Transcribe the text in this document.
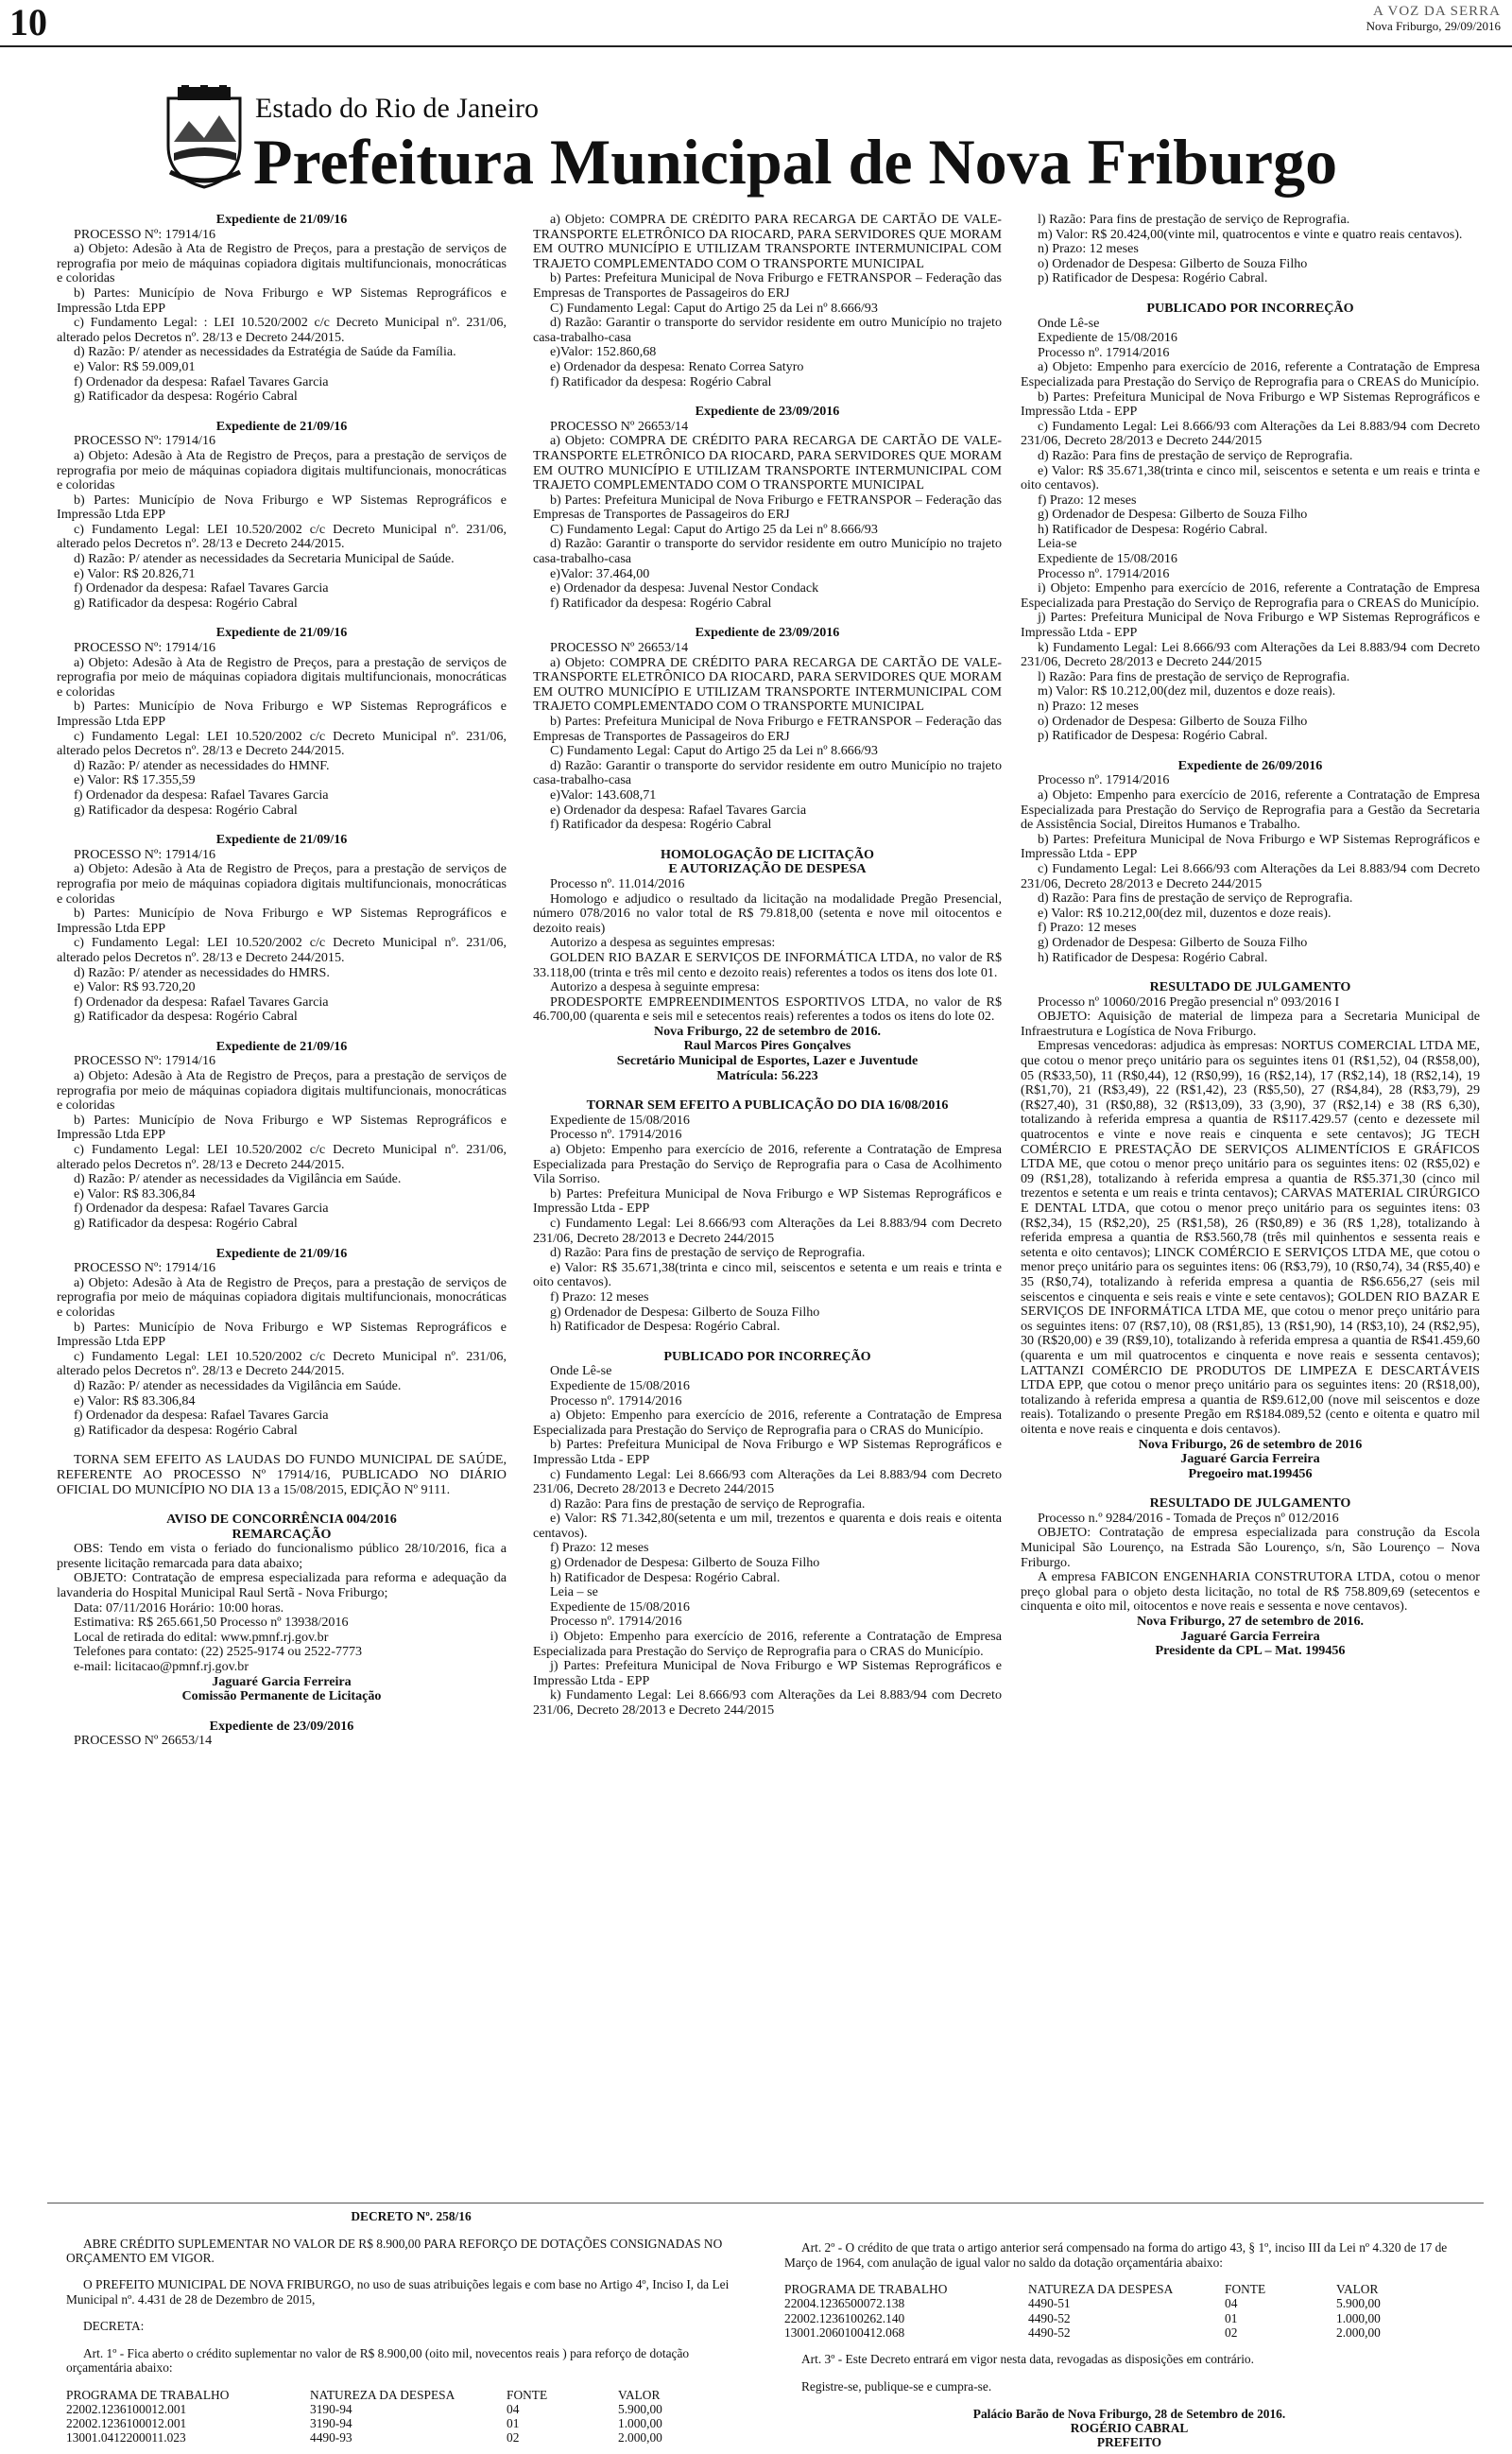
10	A VOZ DA SERRA
Nova Friburgo, 29/09/2016
Estado do Rio de Janeiro
Prefeitura Municipal de Nova Friburgo

Expediente de 21/09/16

PROCESSO Nº: 17914/16

a) Objeto: Adesão à Ata de Registro de Preços, para a prestação de serviços de reprografia por meio de máquinas copiadora digitais multifuncionais, monocráticas e coloridas

b) Partes: Município de Nova Friburgo e WP Sistemas Reprográficos e Impressão Ltda EPP

c) Fundamento Legal: : LEI 10.520/2002 c/c Decreto Municipal nº. 231/06, alterado pelos Decretos nº. 28/13 e Decreto 244/2015.

d) Razão: P/ atender as necessidades da Estratégia de Saúde da Família.

e) Valor: R$ 59.009,01

f) Ordenador da despesa: Rafael Tavares Garcia

g) Ratificador da despesa: Rogério Cabral

Expediente de 21/09/16

PROCESSO Nº: 17914/16

a) Objeto: Adesão à Ata de Registro de Preços, para a prestação de serviços de reprografia por meio de máquinas copiadora digitais multifuncionais, monocráticas e coloridas

b) Partes: Município de Nova Friburgo e WP Sistemas Reprográficos e Impressão Ltda EPP

c) Fundamento Legal: LEI 10.520/2002 c/c Decreto Municipal nº. 231/06, alterado pelos Decretos nº. 28/13 e Decreto 244/2015.

d) Razão: P/ atender as necessidades da Secretaria Municipal de Saúde.

e) Valor: R$ 20.826,71

f) Ordenador da despesa: Rafael Tavares Garcia

g) Ratificador da despesa: Rogério Cabral

Expediente de 21/09/16

PROCESSO Nº: 17914/16

a) Objeto: Adesão à Ata de Registro de Preços, para a prestação de serviços de reprografia por meio de máquinas copiadora digitais multifuncionais, monocráticas e coloridas

b) Partes: Município de Nova Friburgo e WP Sistemas Reprográficos e Impressão Ltda EPP

c) Fundamento Legal: LEI 10.520/2002 c/c Decreto Municipal nº. 231/06, alterado pelos Decretos nº. 28/13 e Decreto 244/2015.

d) Razão: P/ atender as necessidades do HMNF.

e) Valor: R$ 17.355,59

f) Ordenador da despesa: Rafael Tavares Garcia

g) Ratificador da despesa: Rogério Cabral

Expediente de 21/09/16

PROCESSO Nº: 17914/16

a) Objeto: Adesão à Ata de Registro de Preços, para a prestação de serviços de reprografia por meio de máquinas copiadora digitais multifuncionais, monocráticas e coloridas

b) Partes: Município de Nova Friburgo e WP Sistemas Reprográficos e Impressão Ltda EPP

c) Fundamento Legal: LEI 10.520/2002 c/c Decreto Municipal nº. 231/06, alterado pelos Decretos nº. 28/13 e Decreto 244/2015.

d) Razão: P/ atender as necessidades do HMRS.

e) Valor: R$ 93.720,20

f) Ordenador da despesa: Rafael Tavares Garcia

g) Ratificador da despesa: Rogério Cabral

Expediente de 21/09/16

PROCESSO Nº: 17914/16

a) Objeto: Adesão à Ata de Registro de Preços, para a prestação de serviços de reprografia por meio de máquinas copiadora digitais multifuncionais, monocráticas e coloridas

b) Partes: Município de Nova Friburgo e WP Sistemas Reprográficos e Impressão Ltda EPP

c) Fundamento Legal: LEI 10.520/2002 c/c Decreto Municipal nº. 231/06, alterado pelos Decretos nº. 28/13 e Decreto 244/2015.

d) Razão: P/ atender as necessidades da Vigilância em Saúde.

e) Valor: R$ 83.306,84

f) Ordenador da despesa: Rafael Tavares Garcia

g) Ratificador da despesa: Rogério Cabral

Expediente de 21/09/16

PROCESSO Nº: 17914/16

a) Objeto: Adesão à Ata de Registro de Preços, para a prestação de serviços de reprografia por meio de máquinas copiadora digitais multifuncionais, monocráticas e coloridas

b) Partes: Município de Nova Friburgo e WP Sistemas Reprográficos e Impressão Ltda EPP

c) Fundamento Legal: LEI 10.520/2002 c/c Decreto Municipal nº. 231/06, alterado pelos Decretos nº. 28/13 e Decreto 244/2015.

d) Razão: P/ atender as necessidades da Vigilância em Saúde.

e) Valor: R$ 83.306,84

f) Ordenador da despesa: Rafael Tavares Garcia

g) Ratificador da despesa: Rogério Cabral

TORNA SEM EFEITO AS LAUDAS DO FUNDO MUNICIPAL DE SAÚDE, REFERENTE AO PROCESSO Nº 17914/16, PUBLICADO NO DIÁRIO OFICIAL DO MUNICÍPIO NO DIA 13 a 15/08/2015, EDIÇÃO Nº 9111.

AVISO DE CONCORRÊNCIA 004/2016

REMARCAÇÃO

OBS: Tendo em vista o feriado do funcionalismo público 28/10/2016, fica a presente licitação remarcada para data abaixo;

OBJETO: Contratação de empresa especializada para reforma e adequação da lavanderia do Hospital Municipal Raul Sertã - Nova Friburgo;

Data: 07/11/2016 Horário: 10:00 horas.

Estimativa: R$ 265.661,50 Processo nº 13938/2016

Local de retirada do edital: www.pmnf.rj.gov.br

Telefones para contato: (22) 2525-9174 ou 2522-7773

e-mail: licitacao@pmnf.rj.gov.br

Jaguaré Garcia Ferreira

Comissão Permanente de Licitação

Expediente de 23/09/2016

PROCESSO Nº 26653/14

a) Objeto: COMPRA DE CRÉDITO PARA RECARGA DE CARTÃO DE VALE-TRANSPORTE ELETRÔNICO DA RIOCARD, PARA SERVIDORES QUE MORAM EM OUTRO MUNICÍPIO E UTILIZAM TRANSPORTE INTERMUNICIPAL COM TRAJETO COMPLEMENTADO COM O TRANSPORTE MUNICIPAL

b) Partes: Prefeitura Municipal de Nova Friburgo e FETRANSPOR – Federação das Empresas de Transportes de Passageiros do ERJ

C) Fundamento Legal: Caput do Artigo 25 da Lei nº 8.666/93

d) Razão: Garantir o transporte do servidor residente em outro Município no trajeto casa-trabalho-casa

e)Valor: 152.860,68

e) Ordenador da despesa: Renato Correa Satyro

f) Ratificador da despesa: Rogério Cabral

Expediente de 23/09/2016

PROCESSO Nº 26653/14

a) Objeto: COMPRA DE CRÉDITO PARA RECARGA DE CARTÃO DE VALE-TRANSPORTE ELETRÔNICO DA RIOCARD, PARA SERVIDORES QUE MORAM EM OUTRO MUNICÍPIO E UTILIZAM TRANSPORTE INTERMUNICIPAL COM TRAJETO COMPLEMENTADO COM O TRANSPORTE MUNICIPAL

b) Partes: Prefeitura Municipal de Nova Friburgo e FETRANSPOR – Federação das Empresas de Transportes de Passageiros do ERJ

C) Fundamento Legal: Caput do Artigo 25 da Lei nº 8.666/93

d) Razão: Garantir o transporte do servidor residente em outro Município no trajeto casa-trabalho-casa

e)Valor: 37.464,00

e) Ordenador da despesa: Juvenal Nestor Condack

f) Ratificador da despesa: Rogério Cabral

Expediente de 23/09/2016

PROCESSO Nº 26653/14

a) Objeto: COMPRA DE CRÉDITO PARA RECARGA DE CARTÃO DE VALE-TRANSPORTE ELETRÔNICO DA RIOCARD, PARA SERVIDORES QUE MORAM EM OUTRO MUNICÍPIO E UTILIZAM TRANSPORTE INTERMUNICIPAL COM TRAJETO COMPLEMENTADO COM O TRANSPORTE MUNICIPAL

b) Partes: Prefeitura Municipal de Nova Friburgo e FETRANSPOR – Federação das Empresas de Transportes de Passageiros do ERJ

C) Fundamento Legal: Caput do Artigo 25 da Lei nº 8.666/93

d) Razão: Garantir o transporte do servidor residente em outro Município no trajeto casa-trabalho-casa

e)Valor: 143.608,71

e) Ordenador da despesa: Rafael Tavares Garcia

f) Ratificador da despesa: Rogério Cabral

HOMOLOGAÇÃO DE LICITAÇÃO

E AUTORIZAÇÃO DE DESPESA

Processo nº. 11.014/2016

Homologo e adjudico o resultado da licitação na modalidade Pregão Presencial, número 078/2016 no valor total de R$ 79.818,00 (setenta e nove mil oitocentos e dezoito reais)

Autorizo a despesa as seguintes empresas:

GOLDEN RIO BAZAR E SERVIÇOS DE INFORMÁTICA LTDA, no valor de R$ 33.118,00 (trinta e três mil cento e dezoito reais) referentes a todos os itens dos lote 01.

Autorizo a despesa à seguinte empresa:

PRODESPORTE EMPREENDIMENTOS ESPORTIVOS LTDA, no valor de R$ 46.700,00 (quarenta e seis mil e setecentos reais) referentes a todos os itens do lote 02.

Nova Friburgo, 22 de setembro de 2016.

Raul Marcos Pires Gonçalves

Secretário Municipal de Esportes, Lazer e Juventude

Matrícula: 56.223

TORNAR SEM EFEITO A PUBLICAÇÃO DO DIA 16/08/2016

Expediente de 15/08/2016

Processo nº. 17914/2016

a) Objeto: Empenho para exercício de 2016, referente a Contratação de Empresa Especializada para Prestação do Serviço de Reprografia para o Casa de Acolhimento Vila Sorriso.

b) Partes: Prefeitura Municipal de Nova Friburgo e WP Sistemas Reprográficos e Impressão Ltda - EPP

c) Fundamento Legal: Lei 8.666/93 com Alterações da Lei 8.883/94 com Decreto 231/06, Decreto 28/2013 e Decreto 244/2015

d) Razão: Para fins de prestação de serviço de Reprografia.

e) Valor: R$ 35.671,38(trinta e cinco mil, seiscentos e setenta e um reais e trinta e oito centavos).

f) Prazo: 12 meses

g) Ordenador de Despesa: Gilberto de Souza Filho

h) Ratificador de Despesa: Rogério Cabral.

PUBLICADO POR INCORREÇÃO

Onde Lê-se

Expediente de 15/08/2016

Processo nº. 17914/2016

a) Objeto: Empenho para exercício de 2016, referente a Contratação de Empresa Especializada para Prestação do Serviço de Reprografia para o CRAS do Município.

b) Partes: Prefeitura Municipal de Nova Friburgo e WP Sistemas Reprográficos e Impressão Ltda - EPP

c) Fundamento Legal: Lei 8.666/93 com Alterações da Lei 8.883/94 com Decreto 231/06, Decreto 28/2013 e Decreto 244/2015

d) Razão: Para fins de prestação de serviço de Reprografia.

e) Valor: R$ 71.342,80(setenta e um mil, trezentos e quarenta e dois reais e oitenta centavos).

f) Prazo: 12 meses

g) Ordenador de Despesa: Gilberto de Souza Filho

h) Ratificador de Despesa: Rogério Cabral.

Leia – se

Expediente de 15/08/2016

Processo nº. 17914/2016

i) Objeto: Empenho para exercício de 2016, referente a Contratação de Empresa Especializada para Prestação do Serviço de Reprografia para o CRAS do Município.

j) Partes: Prefeitura Municipal de Nova Friburgo e WP Sistemas Reprográficos e Impressão Ltda - EPP

k) Fundamento Legal: Lei 8.666/93 com Alterações da Lei 8.883/94 com Decreto 231/06, Decreto 28/2013 e Decreto 244/2015

l) Razão: Para fins de prestação de serviço de Reprografia.

m) Valor: R$ 20.424,00(vinte mil, quatrocentos e vinte e quatro reais centavos).

n) Prazo: 12 meses

o) Ordenador de Despesa: Gilberto de Souza Filho

p) Ratificador de Despesa: Rogério Cabral.

PUBLICADO POR INCORREÇÃO

Onde Lê-se

Expediente de 15/08/2016

Processo nº. 17914/2016

a) Objeto: Empenho para exercício de 2016, referente a Contratação de Empresa Especializada para Prestação do Serviço de Reprografia para o CREAS do Município.

b) Partes: Prefeitura Municipal de Nova Friburgo e WP Sistemas Reprográficos e Impressão Ltda - EPP

c) Fundamento Legal: Lei 8.666/93 com Alterações da Lei 8.883/94 com Decreto 231/06, Decreto 28/2013 e Decreto 244/2015

d) Razão: Para fins de prestação de serviço de Reprografia.

e) Valor: R$ 35.671,38(trinta e cinco mil, seiscentos e setenta e um reais e trinta e oito centavos).

f) Prazo: 12 meses

g) Ordenador de Despesa: Gilberto de Souza Filho

h) Ratificador de Despesa: Rogério Cabral.

Leia-se

Expediente de 15/08/2016

Processo nº. 17914/2016

i) Objeto: Empenho para exercício de 2016, referente a Contratação de Empresa Especializada para Prestação do Serviço de Reprografia para o CREAS do Município.

j) Partes: Prefeitura Municipal de Nova Friburgo e WP Sistemas Reprográficos e Impressão Ltda - EPP

k) Fundamento Legal: Lei 8.666/93 com Alterações da Lei 8.883/94 com Decreto 231/06, Decreto 28/2013 e Decreto 244/2015

l) Razão: Para fins de prestação de serviço de Reprografia.

m) Valor: R$ 10.212,00(dez mil, duzentos e doze reais).

n) Prazo: 12 meses

o) Ordenador de Despesa: Gilberto de Souza Filho

p) Ratificador de Despesa: Rogério Cabral.

Expediente de 26/09/2016

Processo nº. 17914/2016

a) Objeto: Empenho para exercício de 2016, referente a Contratação de Empresa Especializada para Prestação do Serviço de Reprografia para a Gestão da Secretaria de Assistência Social, Direitos Humanos e Trabalho.

b) Partes: Prefeitura Municipal de Nova Friburgo e WP Sistemas Reprográficos e Impressão Ltda - EPP

c) Fundamento Legal: Lei 8.666/93 com Alterações da Lei 8.883/94 com Decreto 231/06, Decreto 28/2013 e Decreto 244/2015

d) Razão: Para fins de prestação de serviço de Reprografia.

e) Valor: R$ 10.212,00(dez mil, duzentos e doze reais).

f) Prazo: 12 meses

g) Ordenador de Despesa: Gilberto de Souza Filho

h) Ratificador de Despesa: Rogério Cabral.

RESULTADO DE JULGAMENTO

Processo nº 10060/2016 Pregão presencial nº 093/2016 I

OBJETO: Aquisição de material de limpeza para a Secretaria Municipal de Infraestrutura e Logística de Nova Friburgo.

Empresas vencedoras: adjudica às empresas: NORTUS COMERCIAL LTDA ME, que cotou o menor preço unitário para os seguintes itens 01 (R$1,52), 04 (R$58,00), 05 (R$33,50), 11 (R$0,44), 12 (R$0,99), 16 (R$2,14), 17 (R$2,14), 18 (R$2,14), 19 (R$1,70), 21 (R$3,49), 22 (R$1,42), 23 (R$5,50), 27 (R$4,84), 28 (R$3,79), 29 (R$27,40), 31 (R$0,88), 32 (R$13,09), 33 (3,90), 37 (R$2,14) e 38 (R$ 6,30), totalizando à referida empresa a quantia de R$117.429.57 (cento e dezessete mil quatrocentos e vinte e nove reais e cinquenta e sete centavos); JG TECH COMÉRCIO E PRESTAÇÃO DE SERVIÇOS ALIMENTÍCIOS E GRÁFICOS LTDA ME, que cotou o menor preço unitário para os seguintes itens: 02 (R$5,02) e 09 (R$1,28), totalizando à referida empresa a quantia de R$5.371,30 (cinco mil trezentos e setenta e um reais e trinta centavos); CARVAS MATERIAL CIRÚRGICO E DENTAL LTDA, que cotou o menor preço unitário para os seguintes itens: 03 (R$2,34), 15 (R$2,20), 25 (R$1,58), 26 (R$0,89) e 36 (R$ 1,28), totalizando à referida empresa a quantia de R$3.560,78 (três mil quinhentos e sessenta reais e setenta e oito centavos); LINCK COMÉRCIO E SERVIÇOS LTDA ME, que cotou o menor preço unitário para os seguintes itens: 06 (R$3,79), 10 (R$0,74), 34 (R$5,40) e 35 (R$0,74), totalizando à referida empresa a quantia de R$6.656,27 (seis mil seiscentos e cinquenta e seis reais e vinte e sete centavos); GOLDEN RIO BAZAR E SERVIÇOS DE INFORMÁTICA LTDA ME, que cotou o menor preço unitário para os seguintes itens: 07 (R$7,10), 08 (R$1,85), 13 (R$1,90), 14 (R$3,10), 24 (R$2,95), 30 (R$20,00) e 39 (R$9,10), totalizando à referida empresa a quantia de R$41.459,60 (quarenta e um mil quatrocentos e cinquenta e nove reais e sessenta centavos); LATTANZI COMÉRCIO DE PRODUTOS DE LIMPEZA E DESCARTÁVEIS LTDA EPP, que cotou o menor preço unitário para os seguintes itens: 20 (R$18,00), totalizando à referida empresa a quantia de R$9.612,00 (nove mil seiscentos e doze reais). Totalizando o presente Pregão em R$184.089,52 (cento e oitenta e quatro mil oitenta e nove reais e cinquenta e dois centavos).

Nova Friburgo, 26 de setembro de 2016

Jaguaré Garcia Ferreira

Pregoeiro mat.199456

RESULTADO DE JULGAMENTO

Processo n.º 9284/2016 - Tomada de Preços nº 012/2016

OBJETO: Contratação de empresa especializada para construção da Escola Municipal São Lourenço, na Estrada São Lourenço, s/n, São Lourenço – Nova Friburgo.

A empresa FABICON ENGENHARIA CONSTRUTORA LTDA, cotou o menor preço global para o objeto desta licitação, no total de R$ 758.809,69 (setecentos e cinquenta e oito mil, oitocentos e nove reais e sessenta e nove centavos).

Nova Friburgo, 27 de setembro de 2016.

Jaguaré Garcia Ferreira

Presidente da CPL – Mat. 199456

DECRETO Nº. 258/16

ABRE CRÉDITO SUPLEMENTAR NO VALOR DE R$ 8.900,00 PARA REFORÇO DE DOTAÇÕES CONSIGNADAS NO ORÇAMENTO EM VIGOR.

O PREFEITO MUNICIPAL DE NOVA FRIBURGO, no uso de suas atribuições legais e com base no Artigo 4º, Inciso I, da Lei Municipal nº. 4.431 de 28 de Dezembro de 2015,

DECRETA:

Art. 1º - Fica aberto o crédito suplementar no valor de R$ 8.900,00 (oito mil, novecentos reais ) para reforço de dotação orçamentária abaixo:

PROGRAMA DE TRABALHO	NATUREZA DA DESPESA	FONTE	VALOR
22002.1236100012.001	3190-94	04	5.900,00
22002.1236100012.001	3190-94	01	1.000,00
13001.0412200011.023	4490-93	02	2.000,00

Art. 2º - O crédito de que trata o artigo anterior será compensado na forma do artigo 43, § 1º, inciso III da Lei nº 4.320 de 17 de Março de 1964, com anulação de igual valor no saldo da dotação orçamentária abaixo:

PROGRAMA DE TRABALHO	NATUREZA DA DESPESA	FONTE	VALOR
22004.1236500072.138	4490-51	04	5.900,00
22002.1236100262.140	4490-52	01	1.000,00
13001.2060100412.068	4490-52	02	2.000,00

Art. 3º - Este Decreto entrará em vigor nesta data, revogadas as disposições em contrário.

Registre-se, publique-se e cumpra-se.

Palácio Barão de Nova Friburgo, 28 de Setembro de 2016.

ROGÉRIO CABRAL

PREFEITO
